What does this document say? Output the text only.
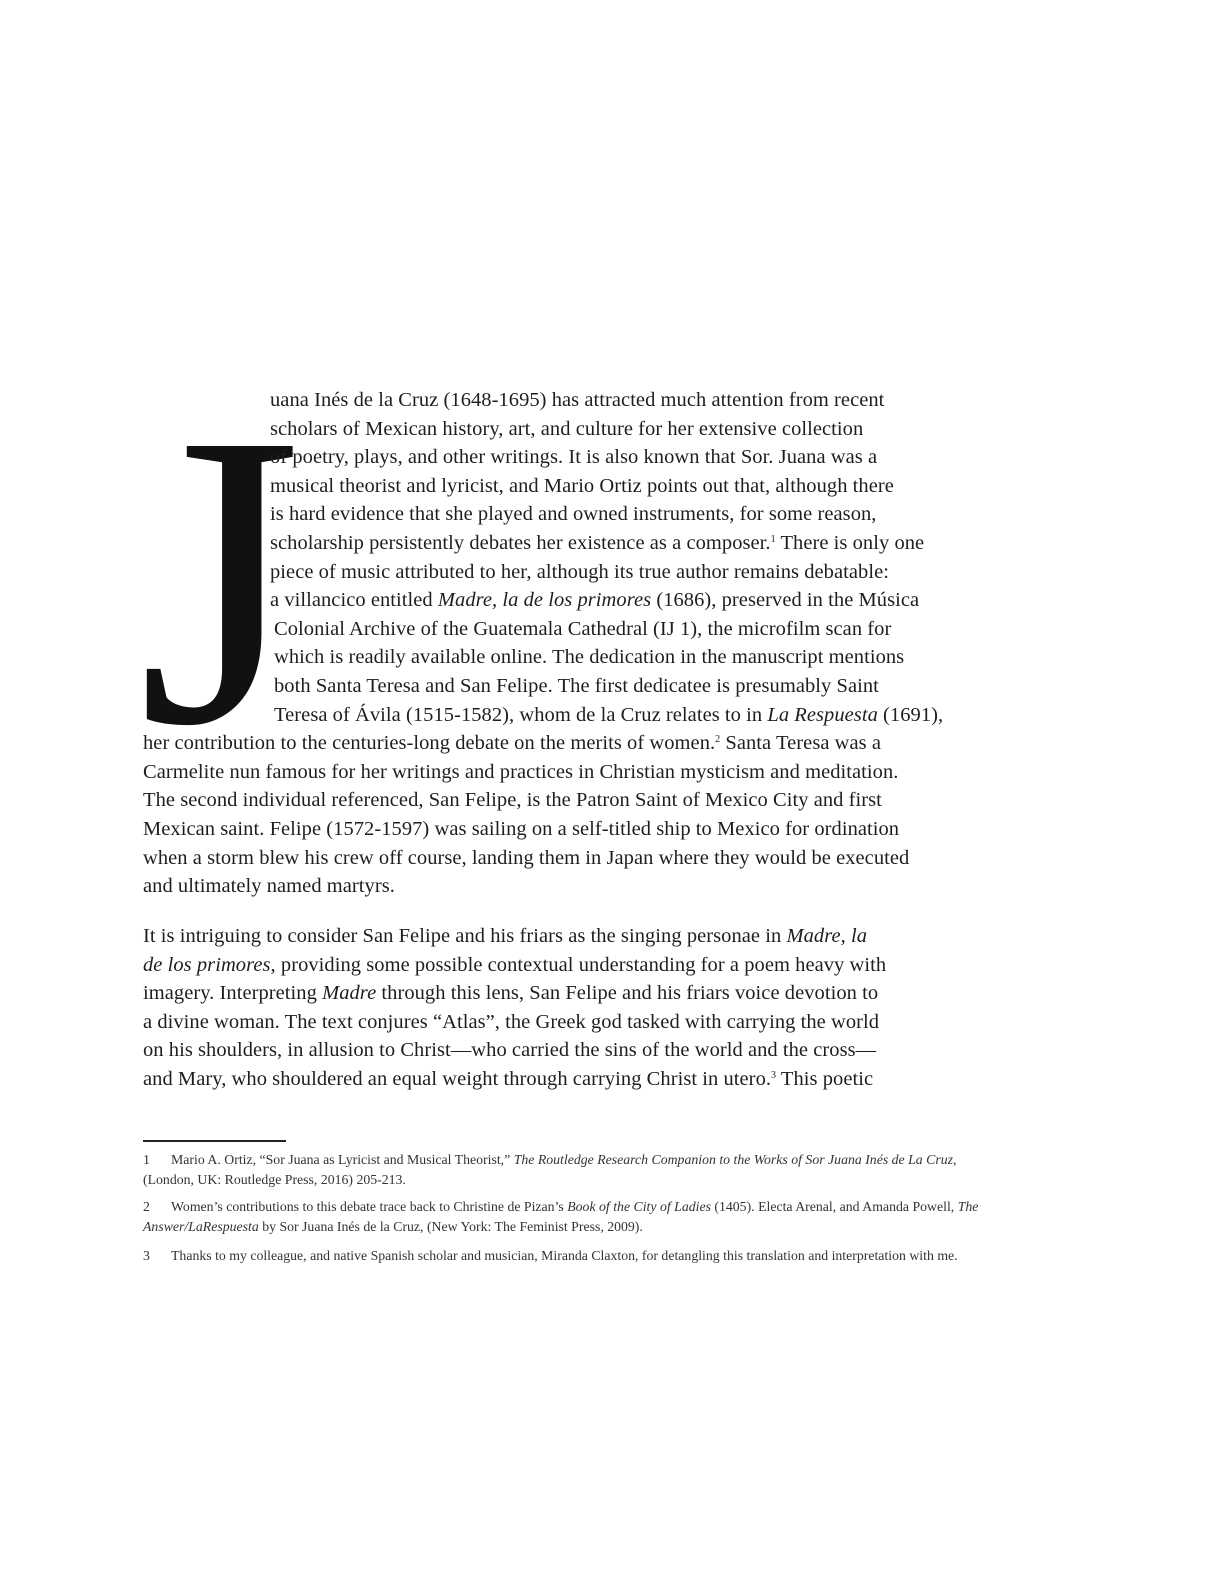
J
uana Inés de la Cruz (1648-1695) has attracted much attention from recent
scholars of Mexican history, art, and culture for her extensive collection
of poetry, plays, and other writings. It is also known that Sor. Juana was a
musical theorist and lyricist, and Mario Ortiz points out that, although there
is hard evidence that she played and owned instruments, for some reason,
scholarship persistently debates her existence as a composer.$^1$ There is only one
piece of music attributed to her, although its true author remains debatable:
a villancico entitled Madre, la de los primores (1686), preserved in the Música
Colonial Archive of the Guatemala Cathedral (IJ 1), the microfilm scan for
which is readily available online. The dedication in the manuscript mentions
both Santa Teresa and San Felipe. The first dedicatee is presumably Saint
Teresa of Ávila (1515-1582), whom de la Cruz relates to in La Respuesta (1691),
her contribution to the centuries-long debate on the merits of women.$^2$ Santa Teresa was a
Carmelite nun famous for her writings and practices in Christian mysticism and meditation.
The second individual referenced, San Felipe, is the Patron Saint of Mexico City and first
Mexican saint. Felipe (1572-1597) was sailing on a self-titled ship to Mexico for ordination
when a storm blew his crew off course, landing them in Japan where they would be executed
and ultimately named martyrs.
It is intriguing to consider San Felipe and his friars as the singing personae in Madre, la
de los primores, providing some possible contextual understanding for a poem heavy with
imagery. Interpreting Madre through this lens, San Felipe and his friars voice devotion to
a divine woman. The text conjures “Atlas”, the Greek god tasked with carrying the world
on his shoulders, in allusion to Christ—who carried the sins of the world and the cross—
and Mary, who shouldered an equal weight through carrying Christ in utero.$^3$ This poetic
1 Mario A. Ortiz, “Sor Juana as Lyricist and Musical Theorist,” The Routledge Research Companion to the Works of Sor Juana Inés de La Cruz, (London, UK: Routledge Press, 2016) 205-213.
2 Women’s contributions to this debate trace back to Christine de Pizan’s Book of the City of Ladies (1405). Electa Arenal, and Amanda Powell, The Answer/LaRespuesta by Sor Juana Inés de la Cruz, (New York: The Feminist Press, 2009).
3 Thanks to my colleague, and native Spanish scholar and musician, Miranda Claxton, for detangling this translation and interpretation with me.
